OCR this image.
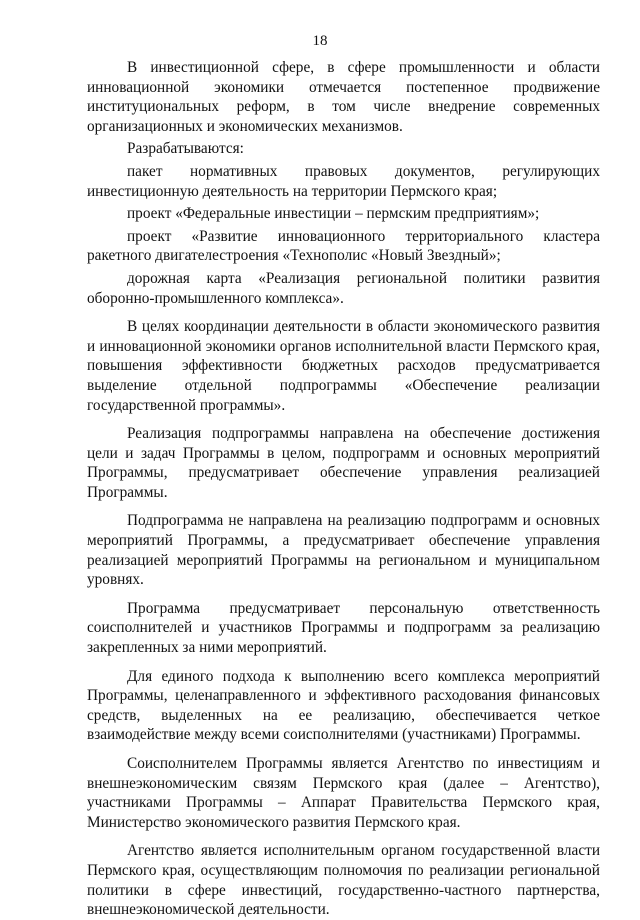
18

В инвестиционной сфере, в сфере промышленности и области инновационной экономики отмечается постепенное продвижение институциональных реформ, в том числе внедрение современных организационных и экономических механизмов.

Разрабатываются:

пакет нормативных правовых документов, регулирующих инвестиционную деятельность на территории Пермского края;

проект «Федеральные инвестиции – пермским предприятиям»;

проект «Развитие инновационного территориального кластера ракетного двигателестроения «Технополис «Новый Звездный»;

дорожная карта «Реализация региональной политики развития оборонно-промышленного комплекса».

В целях координации деятельности в области экономического развития и инновационной экономики органов исполнительной власти Пермского края, повышения эффективности бюджетных расходов предусматривается выделение отдельной подпрограммы «Обеспечение реализации государственной программы».

Реализация подпрограммы направлена на обеспечение достижения цели и задач Программы в целом, подпрограмм и основных мероприятий Программы, предусматривает обеспечение управления реализацией Программы.

Подпрограмма не направлена на реализацию подпрограмм и основных мероприятий Программы, а предусматривает обеспечение управления реализацией мероприятий Программы на региональном и муниципальном уровнях.

Программа предусматривает персональную ответственность соисполнителей и участников Программы и подпрограмм за реализацию закрепленных за ними мероприятий.

Для единого подхода к выполнению всего комплекса мероприятий Программы, целенаправленного и эффективного расходования финансовых средств, выделенных на ее реализацию, обеспечивается четкое взаимодействие между всеми соисполнителями (участниками) Программы.

Соисполнителем Программы является Агентство по инвестициям и внешнеэкономическим связям Пермского края (далее – Агентство), участниками Программы – Аппарат Правительства Пермского края, Министерство экономического развития Пермского края.

Агентство является исполнительным органом государственной власти Пермского края, осуществляющим полномочия по реализации региональной политики в сфере инвестиций, государственно-частного партнерства, внешнеэкономической деятельности.
